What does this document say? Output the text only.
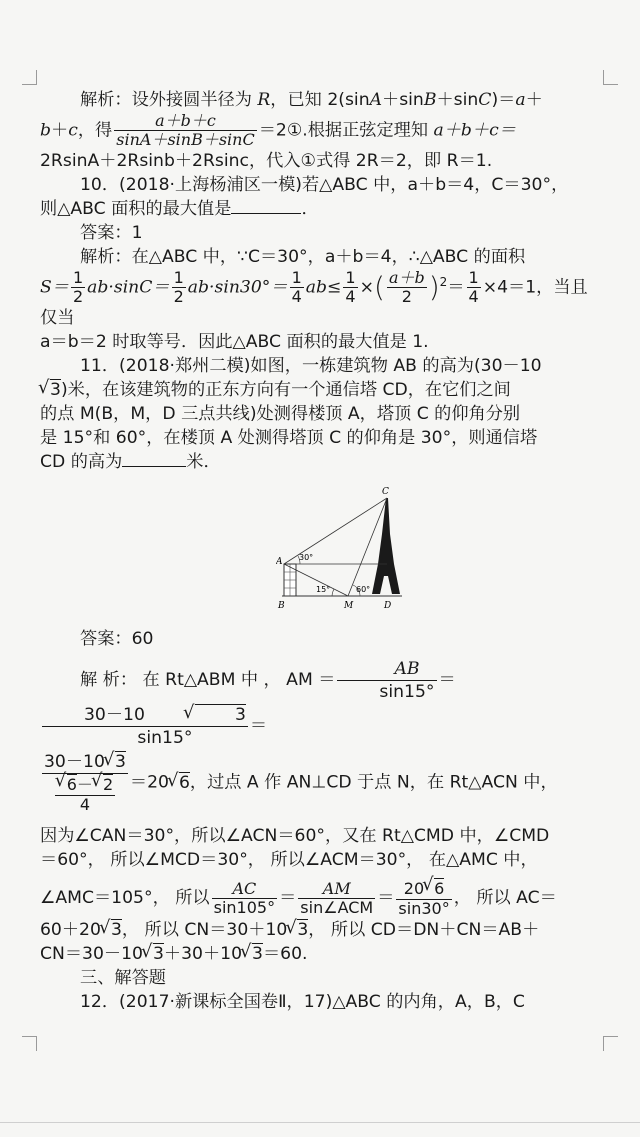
解析：设外接圆半径为 R，已知 2(sinA＋sinB＋sinC)＝a＋

b＋c，得 $\frac{a+b+c}{\sin A+\sin B+\sin C}$ ＝2①.根据正弦定理知 a＋b＋c＝

2RsinA＋2Rsinb＋2Rsinc，代入①式得 2R＝2，即 R＝1.

10．(2018·上海杨浦区一模)若△ABC 中，a＋b＝4，C＝30°，

则△ABC 面积的最大值是	．

答案：1

解析：在△ABC 中，∵C＝30°，a＋b＝4，∴△ABC 的面积

$S= \frac{1}{2} ab\cdot\sin C= \frac{1}{2} ab\cdot\sin 30^\circ= \frac{1}{4} ab\le \frac{1}{4}$ ×( $\frac{a+b}{2} )^2= \frac{1}{4} \times 4=1$，当且仅当

a＝b＝2 时取等号．因此△ABC 面积的最大值是 1.

11．(2018·郑州二模)如图，一栋建筑物 AB 的高为(30－10

√ 3)米，在该建筑物的正东方向有一个通信塔 CD，在它们之间

的点 M(B，M，D 三点共线)处测得楼顶 A，塔顶 C 的仰角分别

是 15°和 60°，在楼顶 A 处测得塔顶 C 的仰角是 30°，则通信塔

CD 的高为	米．

C
A
B	M	D
30°
15°	60°

答案：60

解 析： 在 Rt△ABM 中 ， AM ＝ $\frac{AB}{\sin 15^\circ}$ ＝
30－10	√ 3
sin15° ＝

30－10 √ 3
√ $\frac{6- √ 2}{4} =20$ √ 6，过点 A 作 AN⊥CD 于点 N，在 Rt△ACN 中，

因为∠CAN＝30°，所以∠ACN＝60°，又在 Rt△CMD 中，∠CMD

＝60°， 所以∠MCD＝30°， 所以∠ACM＝30°， 在△AMC 中，

∠AMC＝105°， 所以 $\frac{AC}{\sin 105^\circ} = \frac{AM}{\text{sin∠ACM}} = \frac{20 √ 6}{\sin 30^\circ}$ ， 所以 AC＝

60＋20 √ 3， 所以 CN＝30＋10 √ 3， 所以 CD＝DN＋CN＝AB＋

CN＝30－10 √ 3＋30＋10 √ 3＝60.

三、解答题

12．(2017·新课标全国卷Ⅱ，17)△ABC 的内角，A，B，C
